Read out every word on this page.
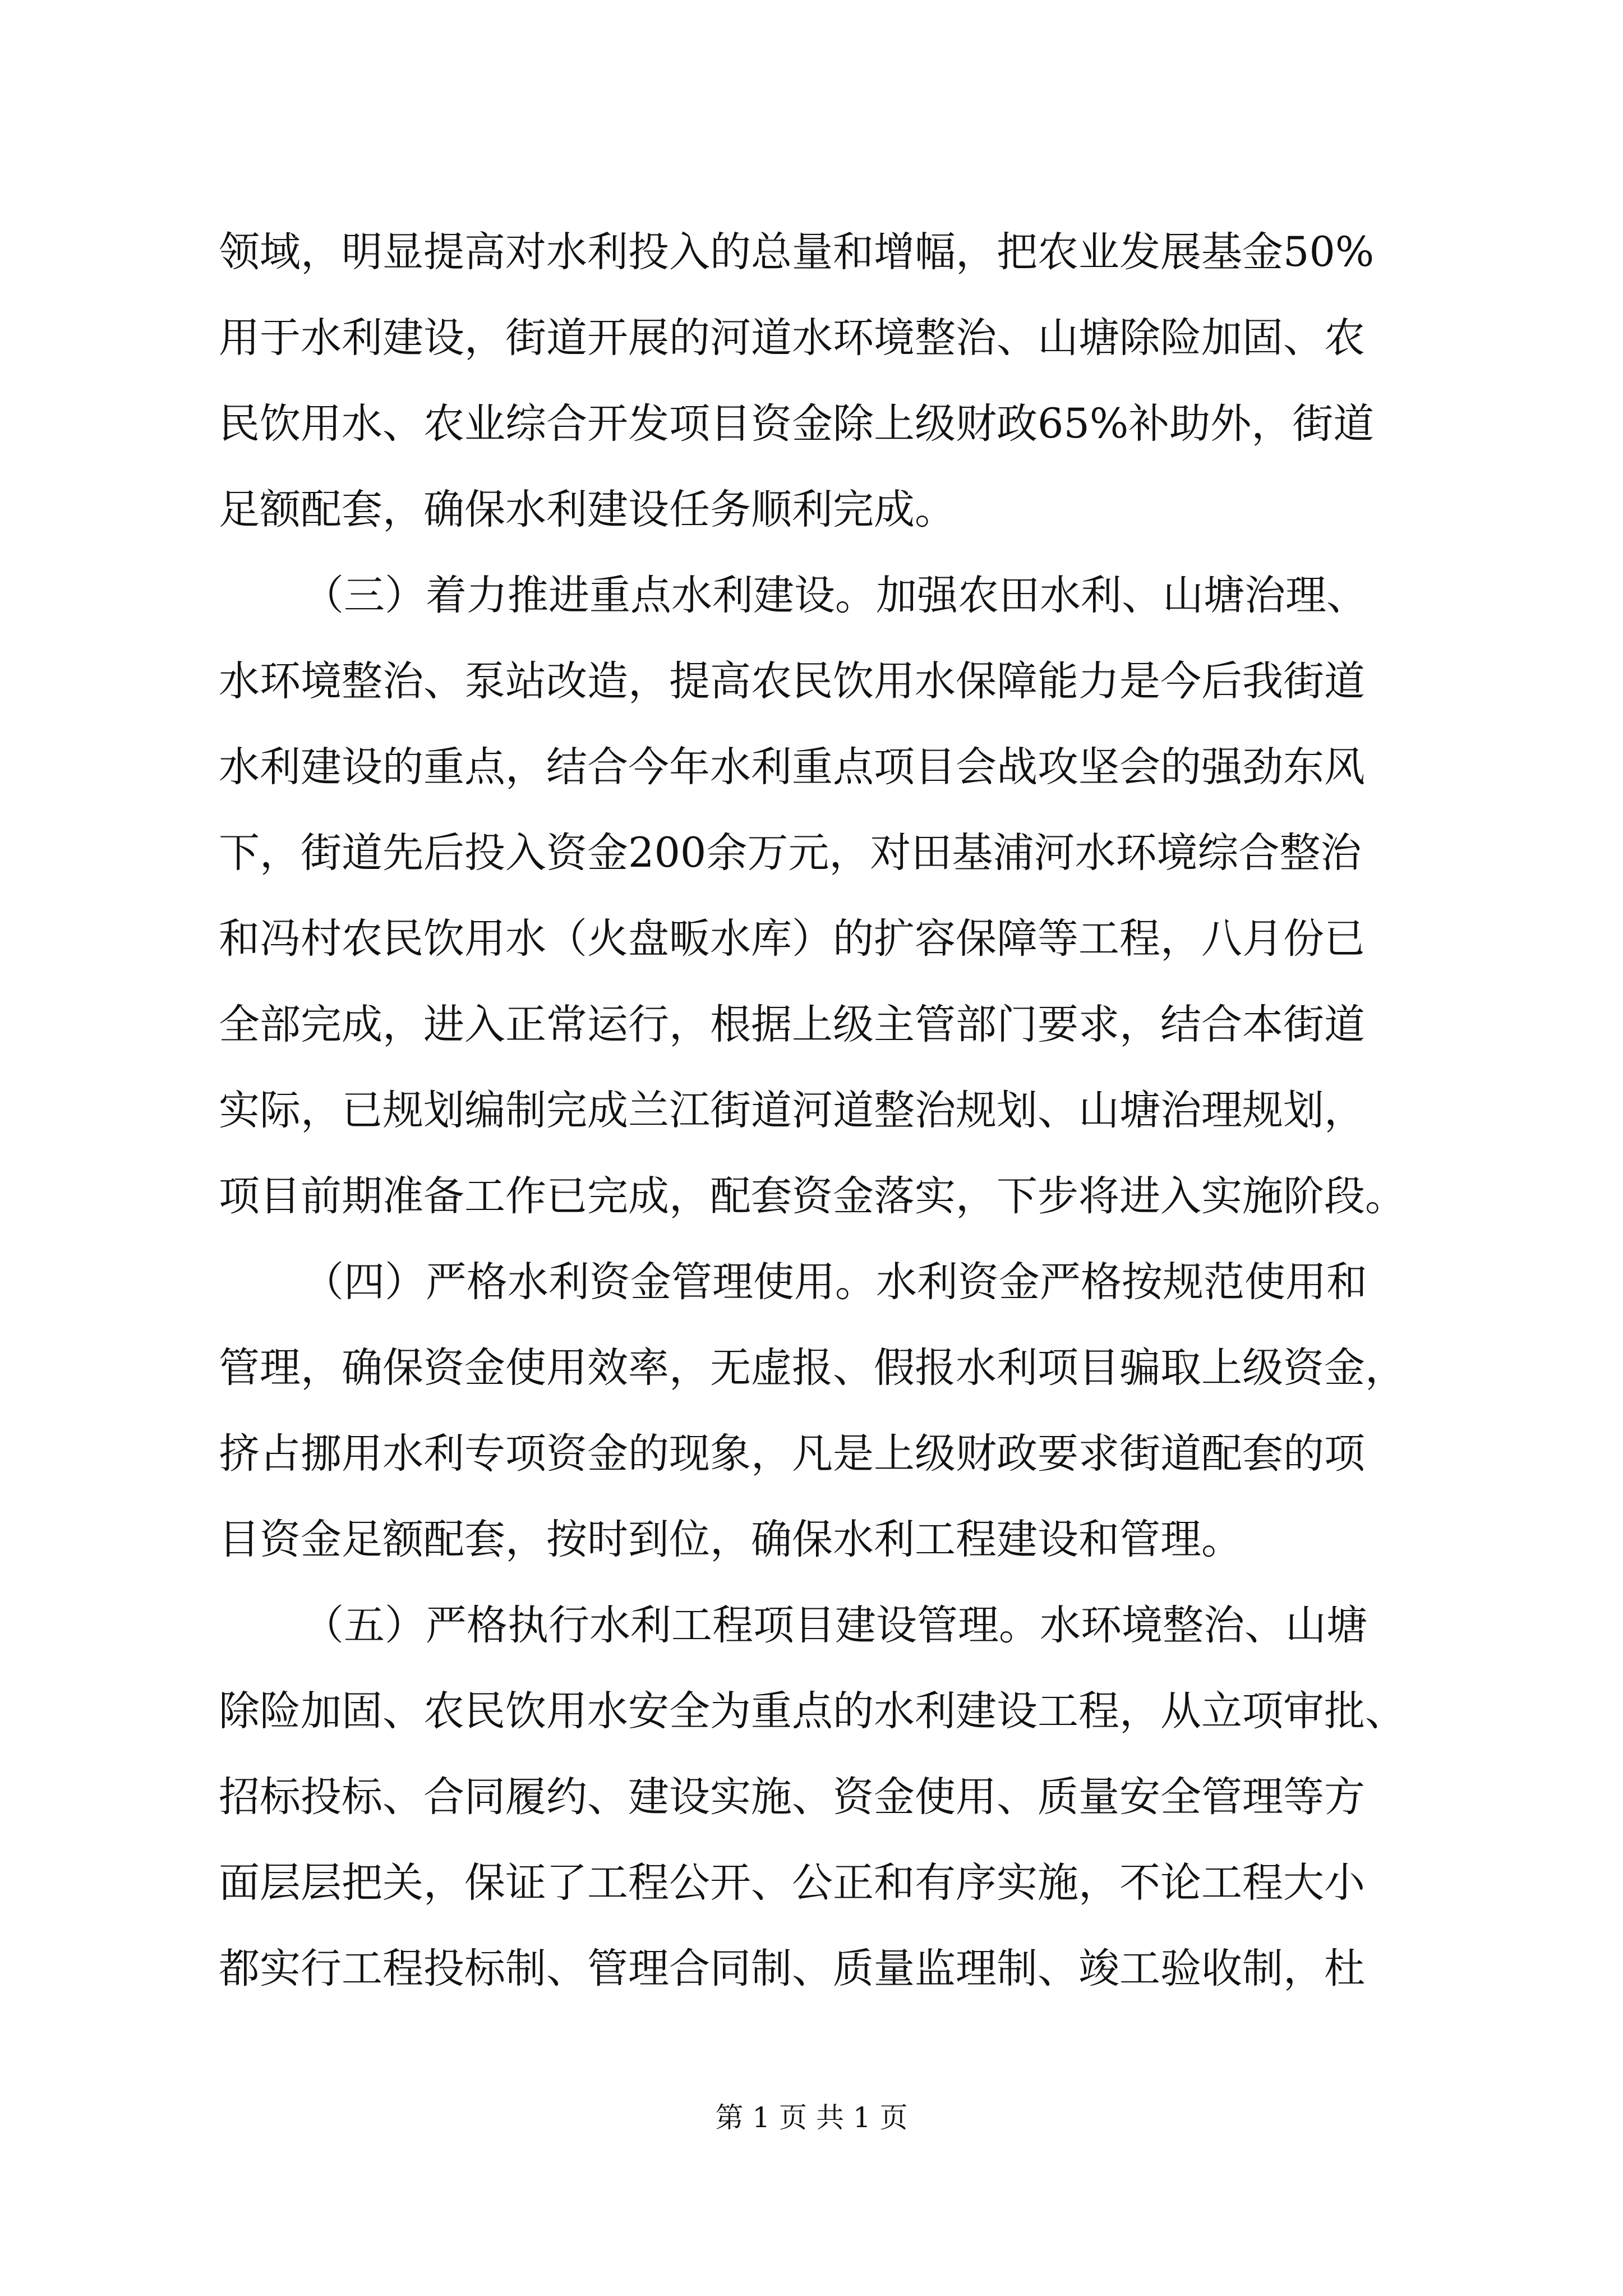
领域，明显提高对水利投入的总量和增幅，把农业发展基金50%
用于水利建设，街道开展的河道水环境整治、山塘除险加固、农
民饮用水、农业综合开发项目资金除上级财政65%补助外，街道
足额配套，确保水利建设任务顺利完成。
（三）着力推进重点水利建设。加强农田水利、山塘治理、
水环境整治、泵站改造，提高农民饮用水保障能力是今后我街道
水利建设的重点，结合今年水利重点项目会战攻坚会的强劲东风
下，街道先后投入资金200余万元，对田基浦河水环境综合整治
和冯村农民饮用水（火盘畈水库）的扩容保障等工程，八月份已
全部完成，进入正常运行，根据上级主管部门要求，结合本街道
实际，已规划编制完成兰江街道河道整治规划、山塘治理规划，
项目前期准备工作已完成，配套资金落实，下步将进入实施阶段。
（四）严格水利资金管理使用。水利资金严格按规范使用和
管理，确保资金使用效率，无虚报、假报水利项目骗取上级资金，
挤占挪用水利专项资金的现象，凡是上级财政要求街道配套的项
目资金足额配套，按时到位，确保水利工程建设和管理。
（五）严格执行水利工程项目建设管理。水环境整治、山塘
除险加固、农民饮用水安全为重点的水利建设工程，从立项审批、
招标投标、合同履约、建设实施、资金使用、质量安全管理等方
面层层把关，保证了工程公开、公正和有序实施，不论工程大小
都实行工程投标制、管理合同制、质量监理制、竣工验收制，杜
第 1 页 共 1 页
